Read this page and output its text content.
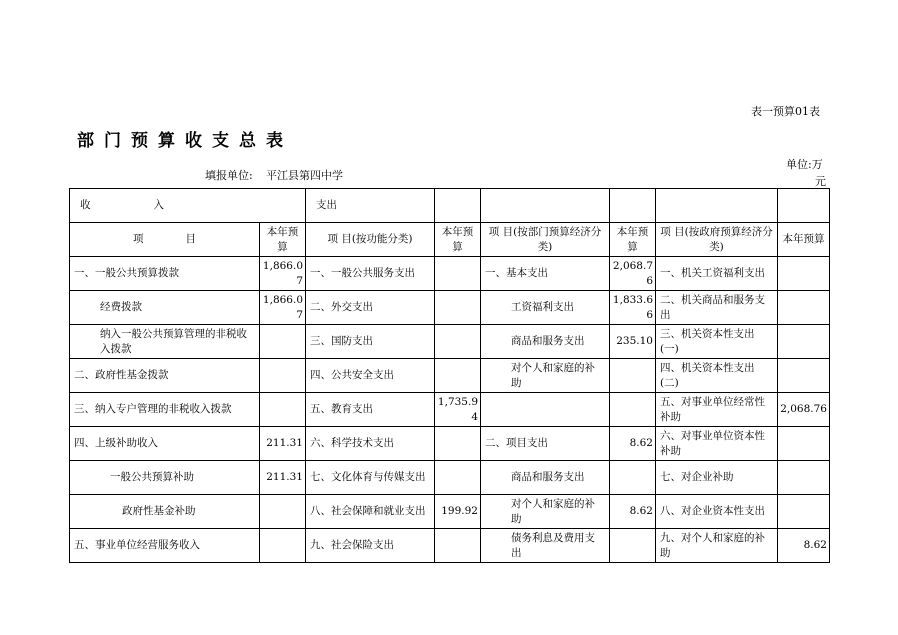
表一预算01表
部门预算收支总表
填报单位: 平江县第四中学
单位:万
元
收　　　　　　入		支出					
项　　　　目	本年预算	项 目(按功能分类)	本年预算	项 目(按部门预算经济分类)	本年预算	项 目(按政府预算经济分类)	本年预算
一、一般公共预算拨款	1,866.07	一、一般公共服务支出		一、基本支出	2,068.76	一、机关工资福利支出	
经费拨款	1,866.07	二、外交支出		工资福利支出	1,833.66	二、机关商品和服务支出	
纳入一般公共预算管理的非税收入拨款		三、国防支出		商品和服务支出	235.10	三、机关资本性支出(一)	
二、政府性基金拨款		四、公共安全支出		对个人和家庭的补助		四、机关资本性支出(二)	
三、纳入专户管理的非税收入拨款		五、教育支出	1,735.94			五、对事业单位经常性补助	2,068.76
四、上级补助收入	211.31	六、科学技术支出		二、项目支出	8.62	六、对事业单位资本性补助	
一般公共预算补助	211.31	七、文化体育与传媒支出		商品和服务支出		七、对企业补助	
政府性基金补助		八、社会保障和就业支出	199.92	对个人和家庭的补助	8.62	八、对企业资本性支出	
五、事业单位经营服务收入		九、社会保险支出		债务利息及费用支出		九、对个人和家庭的补助	8.62
